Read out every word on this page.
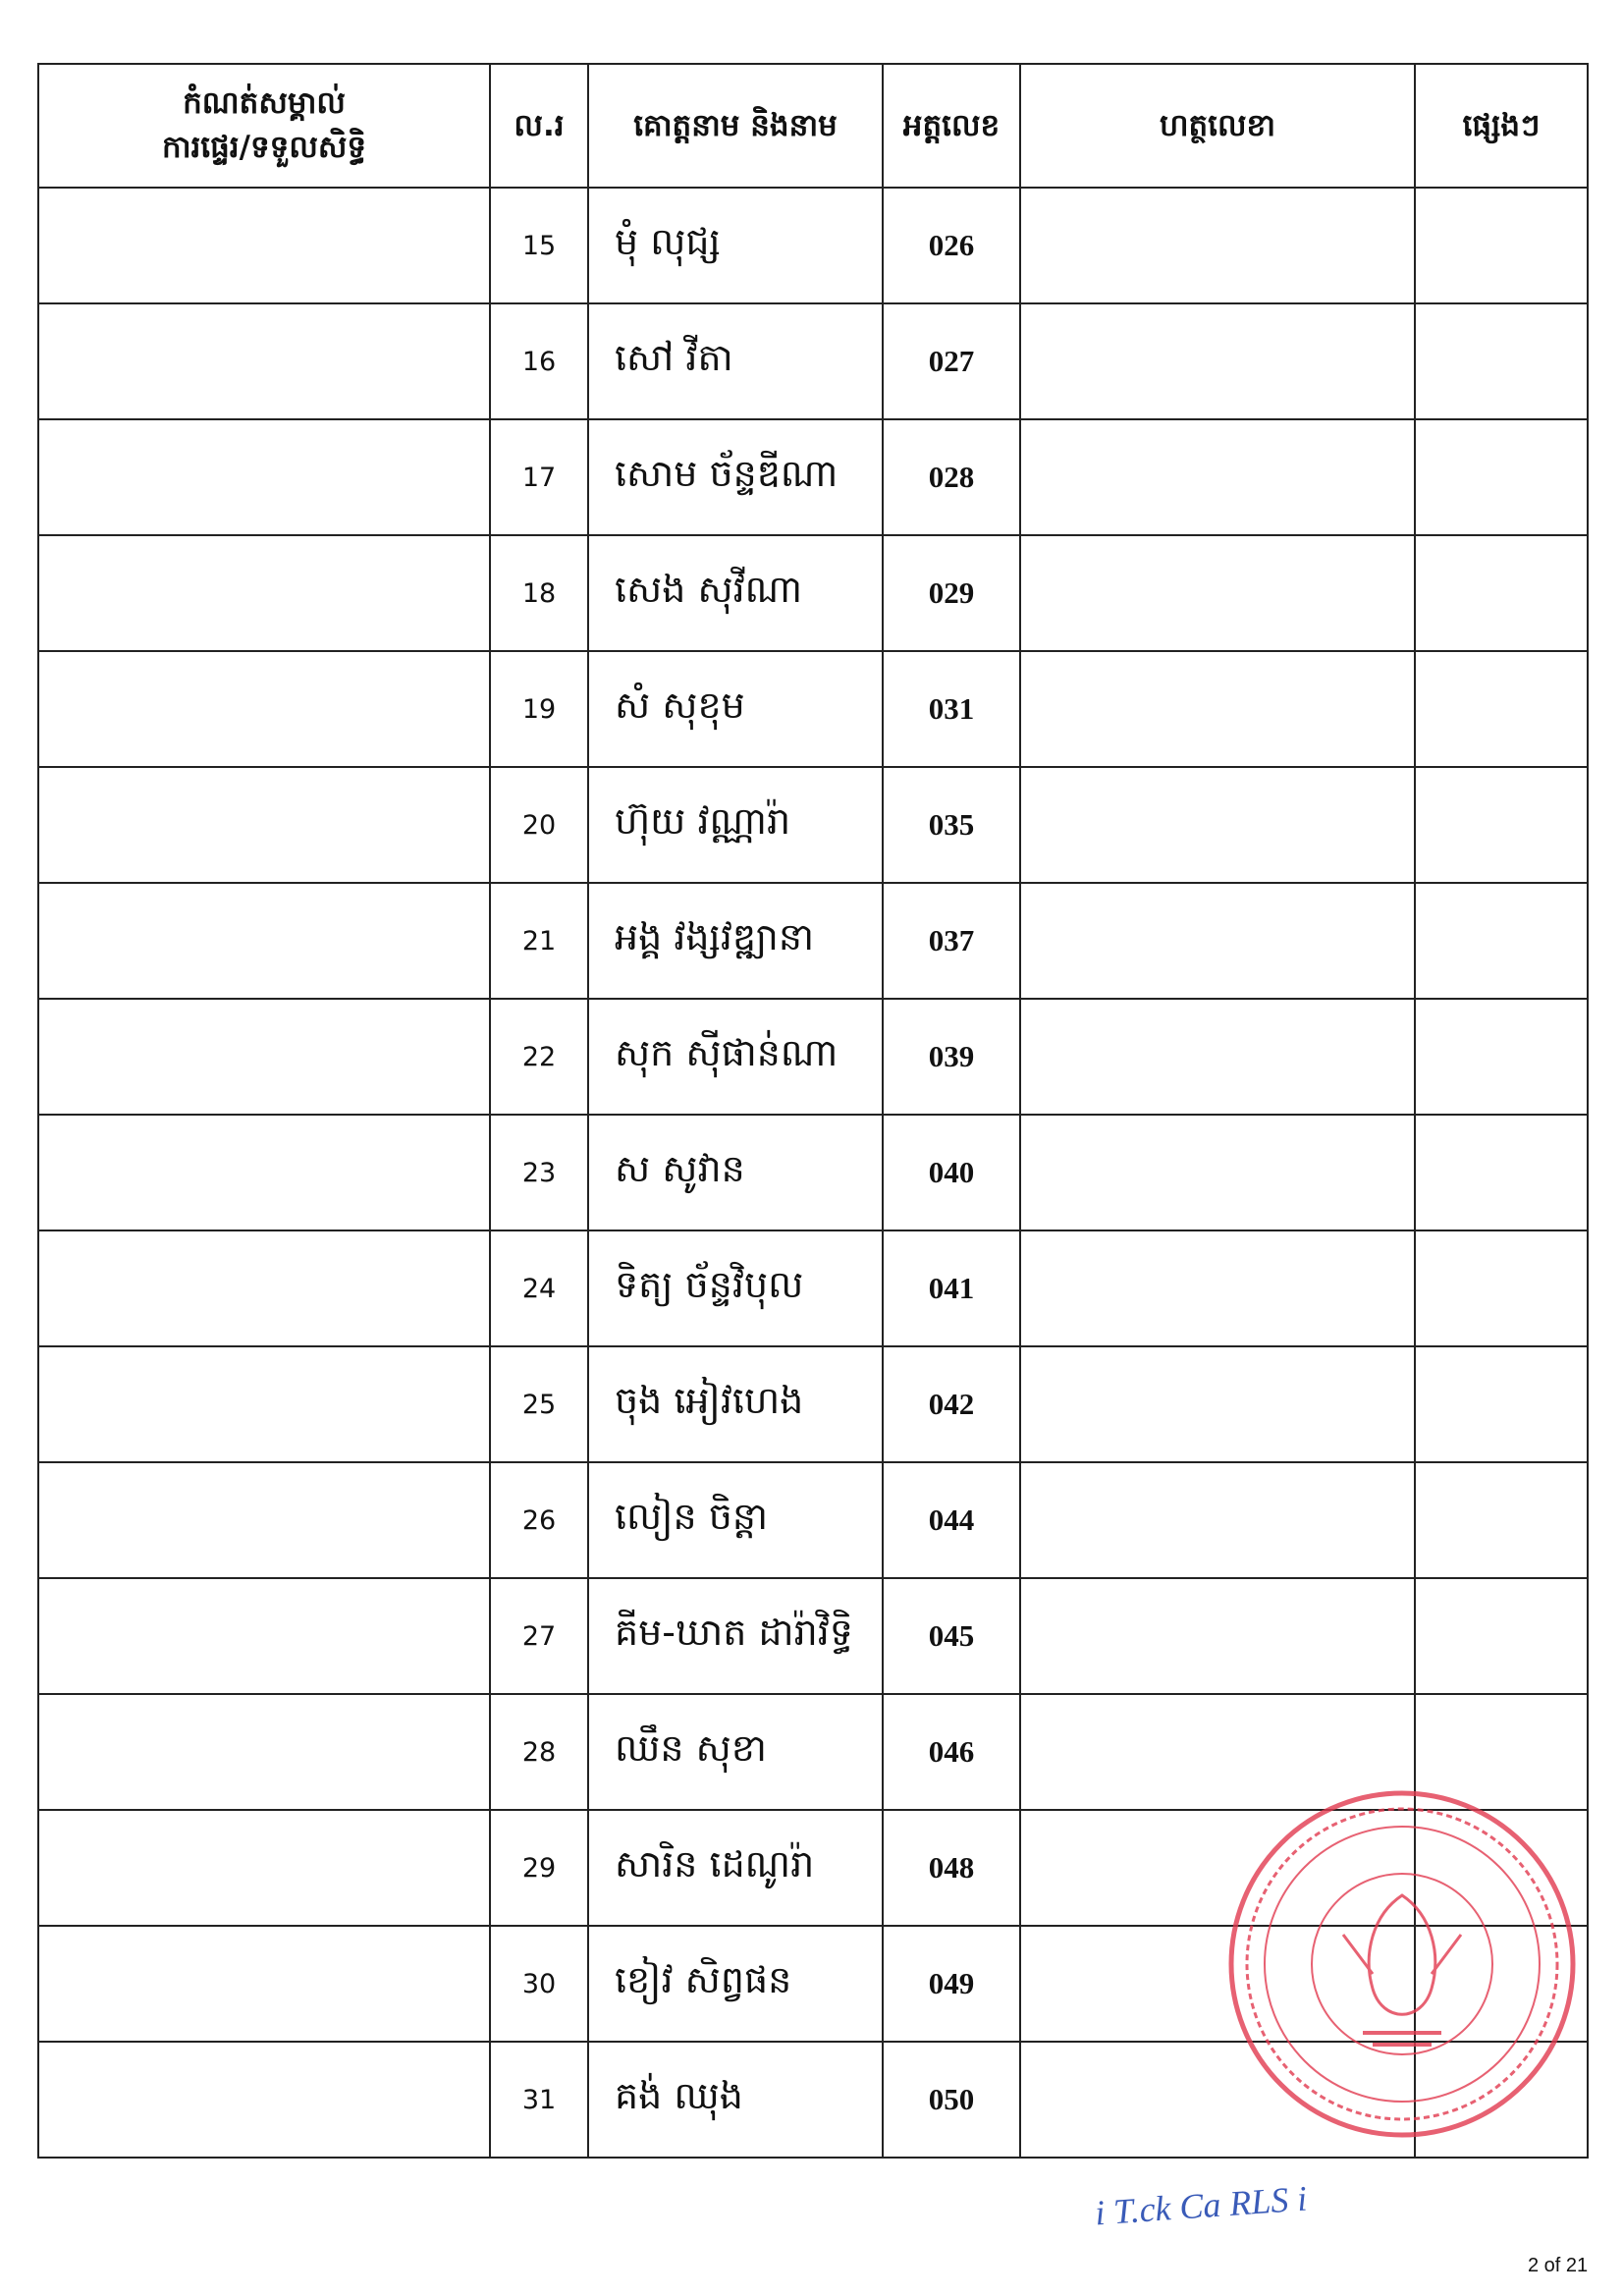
កំណត់សម្គាល់
ការផ្ទេរ/ទទួលសិទ្ធិ	ល.រ	គោត្តនាម និងនាម	អត្តលេខ	ហត្ថលេខា	ផ្សេងៗ
	15	មុំ លុជ្ស	026		
	16	សៅ វីតា	027		
	17	សោម ច័ន្ទឌីណា	028		
	18	សេង សុវីណា	029		
	19	សំ សុខុម	031		
	20	ហ៊ុយ វណ្ណារ៉ា	035		
	21	អង្គ វង្សវឌ្ឍានា	037		
	22	សុក ស៊ីផាន់ណា	039		
	23	ស សូវាន	040		
	24	ទិត្យ ច័ន្ទវិបុល	041		
	25	ចុង អៀវហេង	042		
	26	លៀន ចិន្តា	044		
	27	គីម-ឃាត ដារ៉ាវិទ្ធិ	045		
	28	ឈឹន សុខា	046		
	29	សារិន ដេណូរ៉ា	048		
	30	ខៀវ សិព្វផន	049		
	31	គង់ ឈុង	050		
i T.ck Ca RLS i
2 of 21
